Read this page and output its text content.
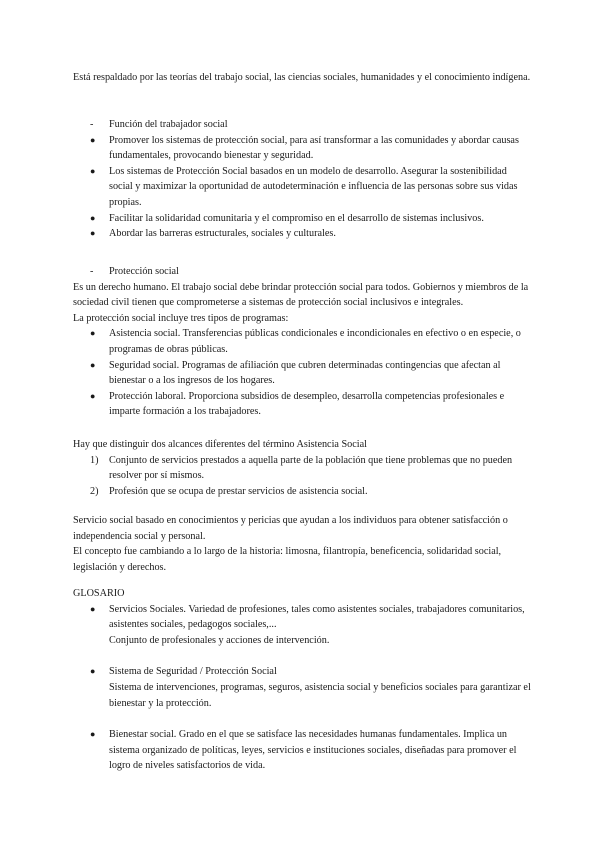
Está respaldado por las teorías del trabajo social, las ciencias sociales, humanidades y el conocimiento indígena.

- Función del trabajador social

● Promover los sistemas de protección social, para así transformar a las comunidades y abordar causas fundamentales, provocando bienestar y seguridad.

● Los sistemas de Protección Social basados en un modelo de desarrollo. Asegurar la sostenibilidad social y maximizar la oportunidad de autodeterminación e influencia de las personas sobre sus vidas propias.

● Facilitar la solidaridad comunitaria y el compromiso en el desarrollo de sistemas inclusivos.

● Abordar las barreras estructurales, sociales y culturales.

- Protección social

Es un derecho humano. El trabajo social debe brindar protección social para todos. Gobiernos y miembros de la sociedad civil tienen que comprometerse a sistemas de protección social inclusivos e integrales.

La protección social incluye tres tipos de programas:

● Asistencia social. Transferencias públicas condicionales e incondicionales en efectivo o en especie, o programas de obras públicas.

● Seguridad social. Programas de afiliación que cubren determinadas contingencias que afectan al bienestar o a los ingresos de los hogares.

● Protección laboral. Proporciona subsidios de desempleo, desarrolla competencias profesionales e imparte formación a los trabajadores.

Hay que distinguir dos alcances diferentes del término Asistencia Social

1) Conjunto de servicios prestados a aquella parte de la población que tiene problemas que no pueden resolver por sí mismos.

2) Profesión que se ocupa de prestar servicios de asistencia social.

Servicio social basado en conocimientos y pericias que ayudan a los individuos para obtener satisfacción o independencia social y personal.

El concepto fue cambiando a lo largo de la historia: limosna, filantropía, beneficencia, solidaridad social, legislación y derechos.

GLOSARIO

● Servicios Sociales. Variedad de profesiones, tales como asistentes sociales, trabajadores comunitarios, asistentes sociales, pedagogos sociales,...

Conjunto de profesionales y acciones de intervención.

● Sistema de Seguridad / Protección Social

Sistema de intervenciones, programas, seguros, asistencia social y beneficios sociales para garantizar el bienestar y la protección.

● Bienestar social. Grado en el que se satisface las necesidades humanas fundamentales. Implica un sistema organizado de políticas, leyes, servicios e instituciones sociales, diseñadas para promover el logro de niveles satisfactorios de vida.
